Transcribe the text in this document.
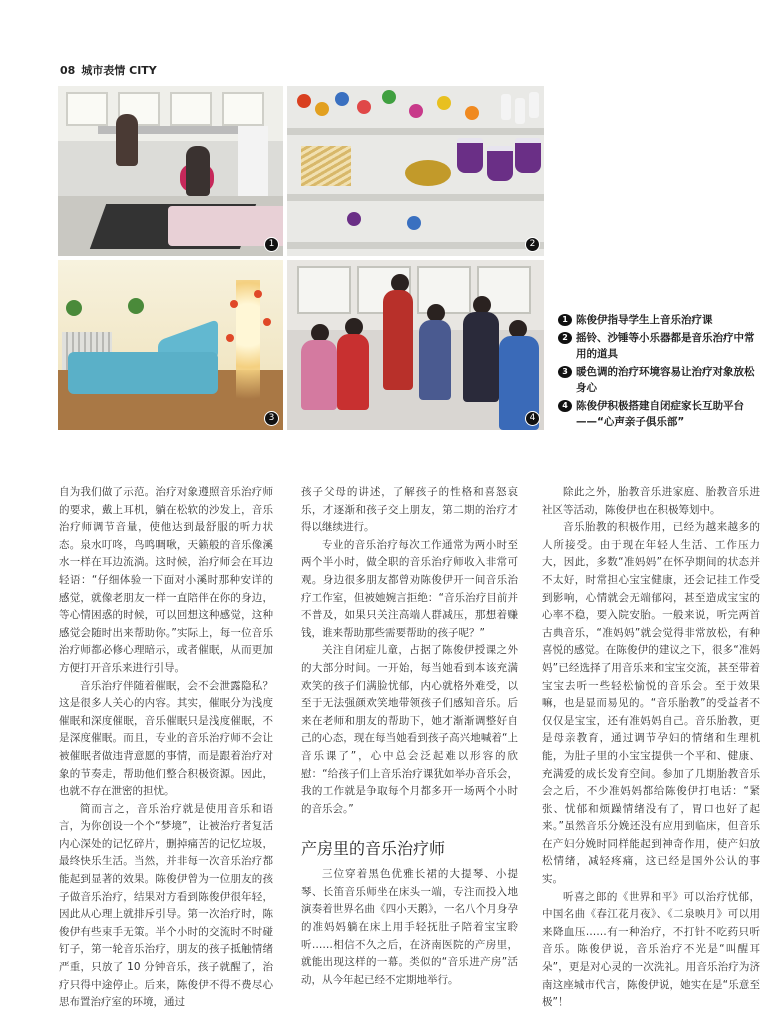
08 城市表情 CITY
1	2
3	4
1 陈俊伊指导学生上音乐治疗课
2 摇铃、沙锤等小乐器都是音乐治疗中常用的道具
3 暖色调的治疗环境容易让治疗对象放松身心
4 陈俊伊积极搭建自闭症家长互助平台——“心声亲子俱乐部”

自为我们做了示范。治疗对象遵照音乐治疗师的要求，戴上耳机，躺在松软的沙发上，音乐治疗师调节音量，使他达到最舒服的听力状态。泉水叮咚，鸟鸣啁啾，天籁般的音乐像溪水一样在耳边流淌。这时候，治疗师会在耳边轻语：“仔细体验一下面对小溪时那种安详的感觉，就像老朋友一样一直陪伴在你的身边，等心情困惑的时候，可以回想这种感觉，这种感觉会随时出来帮助你。”实际上，每一位音乐治疗师都必修心理暗示，或者催眠，从而更加方便打开音乐来进行引导。

音乐治疗伴随着催眠，会不会泄露隐私？这是很多人关心的内容。其实，催眠分为浅度催眠和深度催眠，音乐催眠只是浅度催眠，不是深度催眠。而且，专业的音乐治疗师不会让被催眠者做违背意愿的事情，而是跟着治疗对象的节奏走，帮助他们整合积极资源。因此，也就不存在泄密的担忧。

简而言之，音乐治疗就是使用音乐和语言，为你创设一个个“梦境”，让被治疗者复活内心深处的记忆碎片，删掉痛苦的记忆垃圾，最终快乐生活。当然，并非每一次音乐治疗都能起到显著的效果。陈俊伊曾为一位朋友的孩子做音乐治疗，结果对方看到陈俊伊很年轻，因此从心理上就排斥引导。第一次治疗时，陈俊伊有些束手无策。半个小时的交流时不时碰钉子，第一轮音乐治疗，朋友的孩子抵触情绪严重，只放了 10 分钟音乐，孩子就醒了，治疗只得中途停止。后来，陈俊伊不得不费尽心思布置治疗室的环境，通过

孩子父母的讲述，了解孩子的性格和喜怒哀乐，才逐渐和孩子交上朋友，第二期的治疗才得以继续进行。

专业的音乐治疗每次工作通常为两小时至两个半小时，做全职的音乐治疗师收入非常可观。身边很多朋友都曾劝陈俊伊开一间音乐治疗工作室，但被她婉言拒绝：“音乐治疗目前并不普及，如果只关注高端人群减压，那想着赚钱，谁来帮助那些需要帮助的孩子呢？”

关注自闭症儿童，占据了陈俊伊授课之外的大部分时间。一开始，每当她看到本该充满欢笑的孩子们满脸忧郁，内心就格外难受，以至于无法强颜欢笑地带领孩子们感知音乐。后来在老师和朋友的帮助下，她才渐渐调整好自己的心态，现在每当她看到孩子高兴地喊着“上音乐课了”，心中总会泛起难以形容的欣慰：“给孩子们上音乐治疗课犹如举办音乐会，我的工作就是争取每个月都多开一场两个小时的音乐会。”

产房里的音乐治疗师

三位穿着黑色优雅长裙的大提琴、小提琴、长笛音乐师坐在床头一端，专注而投入地演奏着世界名曲《四小天鹅》，一名八个月身孕的准妈妈躺在床上用手轻抚肚子陪着宝宝聆听……相信不久之后，在济南医院的产房里，就能出现这样的一幕。类似的“音乐进产房”活动，从今年起已经不定期地举行。

除此之外，胎教音乐进家庭、胎教音乐进社区等活动，陈俊伊也在积极筹划中。

音乐胎教的积极作用，已经为越来越多的人所接受。由于现在年轻人生活、工作压力大，因此，多数“准妈妈”在怀孕期间的状态并不太好，时常担心宝宝健康，还会记挂工作受到影响，心情就会无端郁闷，甚至造成宝宝的心率不稳，要入院安胎。一般来说，听完两首古典音乐，“准妈妈”就会觉得非常放松，有种喜悦的感觉。在陈俊伊的建议之下，很多“准妈妈”已经选择了用音乐来和宝宝交流，甚至带着宝宝去听一些轻松愉悦的音乐会。至于效果嘛，也是显而易见的。“音乐胎教”的受益者不仅仅是宝宝，还有准妈妈自己。音乐胎教，更是母亲教育，通过调节孕妇的情绪和生理机能，为肚子里的小宝宝提供一个平和、健康、充满爱的成长发育空间。参加了几期胎教音乐会之后，不少准妈妈都给陈俊伊打电话：“紧张、忧郁和烦躁情绪没有了，胃口也好了起来。”虽然音乐分娩还没有应用到临床，但音乐在产妇分娩时同样能起到神奇作用，使产妇放松情绪，减轻疼痛，这已经是国外公认的事实。

听喜之郎的《世界和平》可以治疗忧郁，中国名曲《春江花月夜》、《二泉映月》可以用来降血压……有一种治疗，不打针不吃药只听音乐。陈俊伊说，音乐治疗不光是“叫醒耳朵”，更是对心灵的一次洗礼。用音乐治疗为济南这座城市代言，陈俊伊说，她实在是“乐意至极”！
